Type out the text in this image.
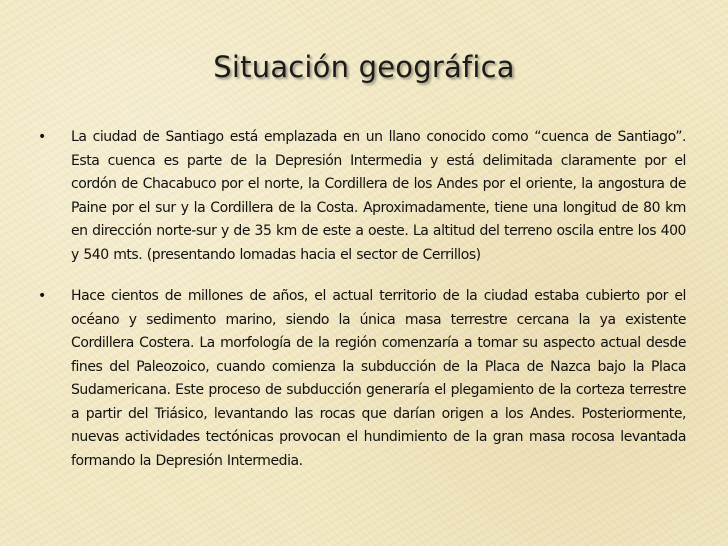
Situación geográfica
• La ciudad de Santiago está emplazada en un llano conocido como “cuenca de Santiago”. Esta cuenca es parte de la Depresión Intermedia y está delimitada claramente por el cordón de Chacabuco por el norte, la Cordillera de los Andes por el oriente, la angostura de Paine por el sur y la Cordillera de la Costa. Aproximadamente, tiene una longitud de 80 km en dirección norte-sur y de 35 km de este a oeste. La altitud del terreno oscila entre los 400 y 540 mts. (presentando lomadas hacia el sector de Cerrillos)
• Hace cientos de millones de años, el actual territorio de la ciudad estaba cubierto por el océano y sedimento marino, siendo la única masa terrestre cercana la ya existente Cordillera Costera. La morfología de la región comenzaría a tomar su aspecto actual desde fines del Paleozoico, cuando comienza la subducción de la Placa de Nazca bajo la Placa Sudamericana. Este proceso de subducción generaría el plegamiento de la corteza terrestre a partir del Triásico, levantando las rocas que darían origen a los Andes. Posteriormente, nuevas actividades tectónicas provocan el hundimiento de la gran masa rocosa levantada formando la Depresión Intermedia.
